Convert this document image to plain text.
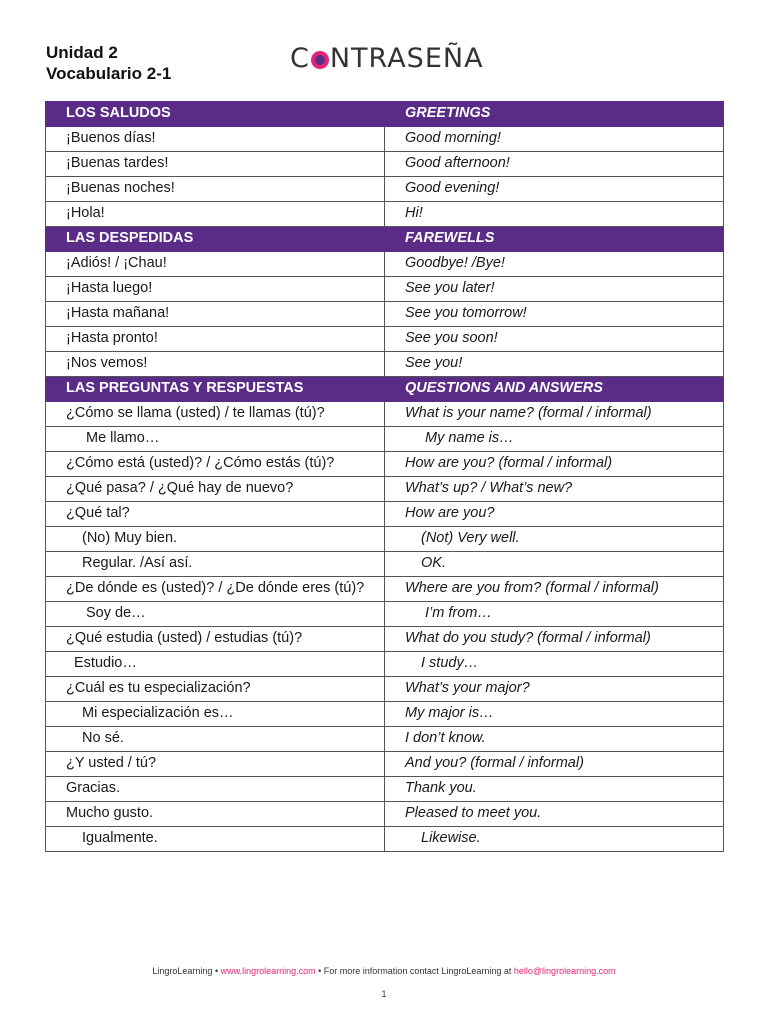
Unidad 2
Vocabulario 2-1	C NTRASEÑA
LOS SALUDOS	GREETINGS
¡Buenos días!	Good morning!
¡Buenas tardes!	Good afternoon!
¡Buenas noches!	Good evening!
¡Hola!	Hi!
LAS DESPEDIDAS	FAREWELLS
¡Adiós! / ¡Chau!	Goodbye! /Bye!
¡Hasta luego!	See you later!
¡Hasta mañana!	See you tomorrow!
¡Hasta pronto!	See you soon!
¡Nos vemos!	See you!
LAS PREGUNTAS Y RESPUESTAS	QUESTIONS AND ANSWERS
¿Cómo se llama (usted) / te llamas (tú)?	What is your name? (formal / informal)
Me llamo…	My name is…
¿Cómo está (usted)? / ¿Cómo estás (tú)?	How are you? (formal / informal)
¿Qué pasa? / ¿Qué hay de nuevo?	What’s up? / What’s new?
¿Qué tal?	How are you?
(No) Muy bien.	(Not) Very well.
Regular. /Así así.	OK.
¿De dónde es (usted)? / ¿De dónde eres (tú)?	Where are you from? (formal / informal)
Soy de…	I’m from…
¿Qué estudia (usted) / estudias (tú)?	What do you study? (formal / informal)
Estudio…	I study…
¿Cuál es tu especialización?	What’s your major?
Mi especialización es…	My major is…
No sé.	I don’t know.
¿Y usted / tú?	And you? (formal / informal)
Gracias.	Thank you.
Mucho gusto.	Pleased to meet you.
Igualmente.	Likewise.
LingroLearning • www.lingrolearning.com • For more information contact LingroLearning at hello@lingrolearning.com
1
